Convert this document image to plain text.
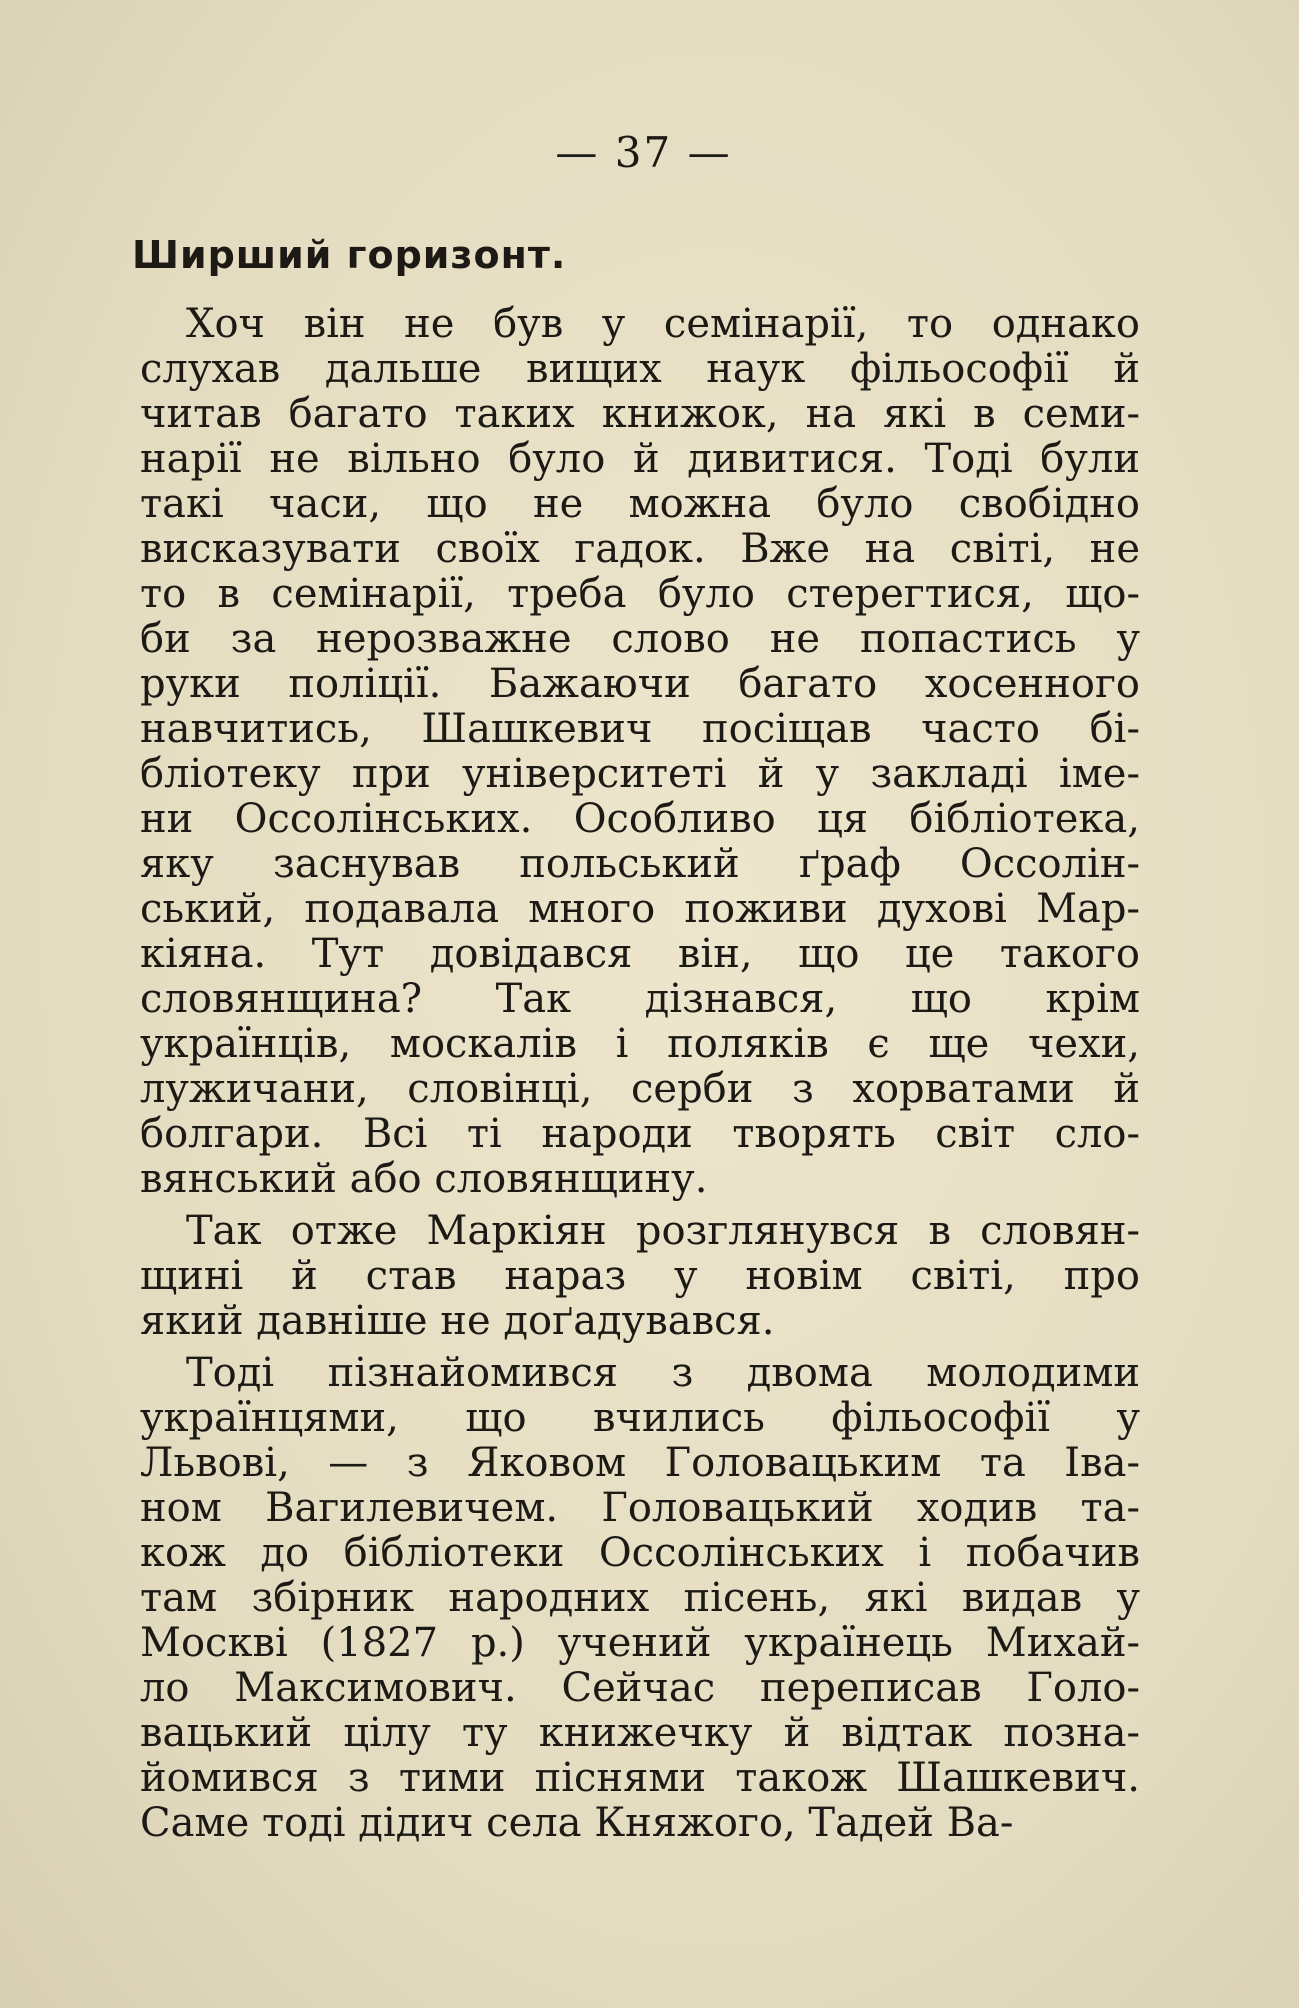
— 37 —
Ширший горизонт.
Хоч він не був у семінарії, то однако
слухав дальше вищих наук фільософії й
читав багато таких книжок, на які в семи-
нарії не вільно було й дивитися. Тоді були
такі часи, що не можна було свобідно
висказувати своїх гадок. Вже на світі, не
то в семінарії, треба було стерегтися, що-
би за нерозважне слово не попастись у
руки поліції. Бажаючи багато хосенного
навчитись, Шашкевич посіщав часто бі-
бліотеку при університеті й у закладі іме-
ни Оссолінських. Особливо ця бібліотека,
яку заснував польський ґраф Оссолін-
ський, подавала много поживи духові Мар-
кіяна. Тут довідався він, що це такого
словянщина? Так дізнався, що крім
українців, москалів і поляків є ще чехи,
лужичани, словінці, серби з хорватами й
болгари. Всі ті народи творять світ сло-
вянський або словянщину.
Так отже Маркіян розглянувся в словян-
щині й став нараз у новім світі, про
який давніше не доґадувався.
Тоді пізнайомився з двома молодими
українцями, що вчились фільософії у
Львові, — з Яковом Головацьким та Іва-
ном Вагилевичем. Головацький ходив та-
кож до бібліотеки Оссолінських і побачив
там збірник народних пісень, які видав у
Москві (1827 р.) учений українець Михай-
ло Максимович. Сейчас переписав Голо-
вацький цілу ту книжечку й відтак позна-
йомився з тими піснями також Шашкевич.
Саме тоді дідич села Княжого, Тадей Ва-
